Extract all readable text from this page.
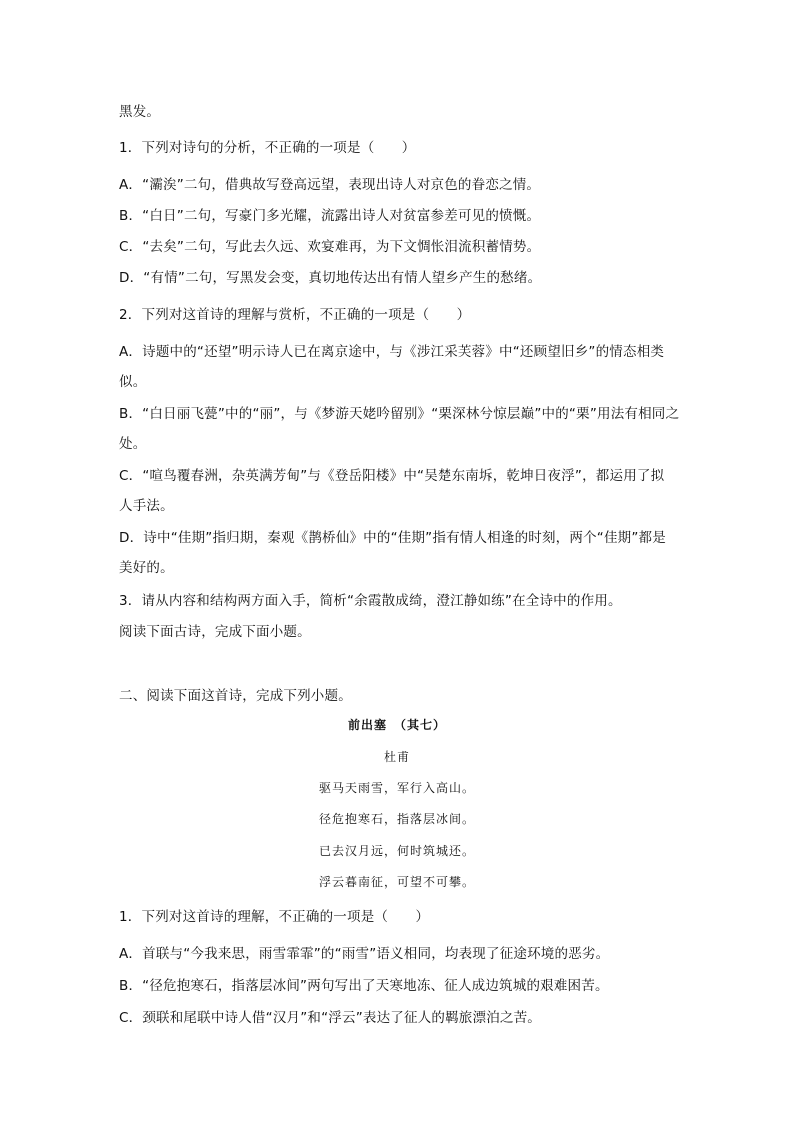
黑发。
1．下列对诗句的分析，不正确的一项是（　　）
A．“灞涘”二句，借典故写登高远望，表现出诗人对京色的眷恋之情。
B．“白日”二句，写豪门多光耀，流露出诗人对贫富参差可见的愤慨。
C．“去矣”二句，写此去久远、欢宴难再，为下文惆怅泪流积蓄情势。
D．“有情”二句，写黑发会变，真切地传达出有情人望乡产生的愁绪。
2．下列对这首诗的理解与赏析，不正确的一项是（　　）
A．诗题中的“还望”明示诗人已在离京途中，与《涉江采芙蓉》中“还顾望旧乡”的情态相类
似。
B．“白日丽飞甍”中的“丽”，与《梦游天姥吟留别》“栗深林兮惊层巅”中的“栗”用法有相同之
处。
C．“喧鸟覆春洲，杂英满芳甸”与《登岳阳楼》中“吴楚东南坼，乾坤日夜浮”，都运用了拟
人手法。
D．诗中“佳期”指归期，秦观《鹊桥仙》中的“佳期”指有情人相逢的时刻，两个“佳期”都是
美好的。
3．请从内容和结构两方面入手，简析“余霞散成绮，澄江静如练”在全诗中的作用。
阅读下面古诗，完成下面小题。
二、阅读下面这首诗，完成下列小题。
前出塞　（其七）
杜甫
驱马天雨雪，军行入高山。
径危抱寒石，指落层冰间。
已去汉月远，何时筑城还。
浮云暮南征，可望不可攀。
1．下列对这首诗的理解，不正确的一项是（　　）
A．首联与“今我来思，雨雪霏霏”的“雨雪”语义相同，均表现了征途环境的恶劣。
B．“径危抱寒石，指落层冰间”两句写出了天寒地冻、征人成边筑城的艰难困苦。
C．颈联和尾联中诗人借“汉月”和“浮云”表达了征人的羁旅漂泊之苦。
